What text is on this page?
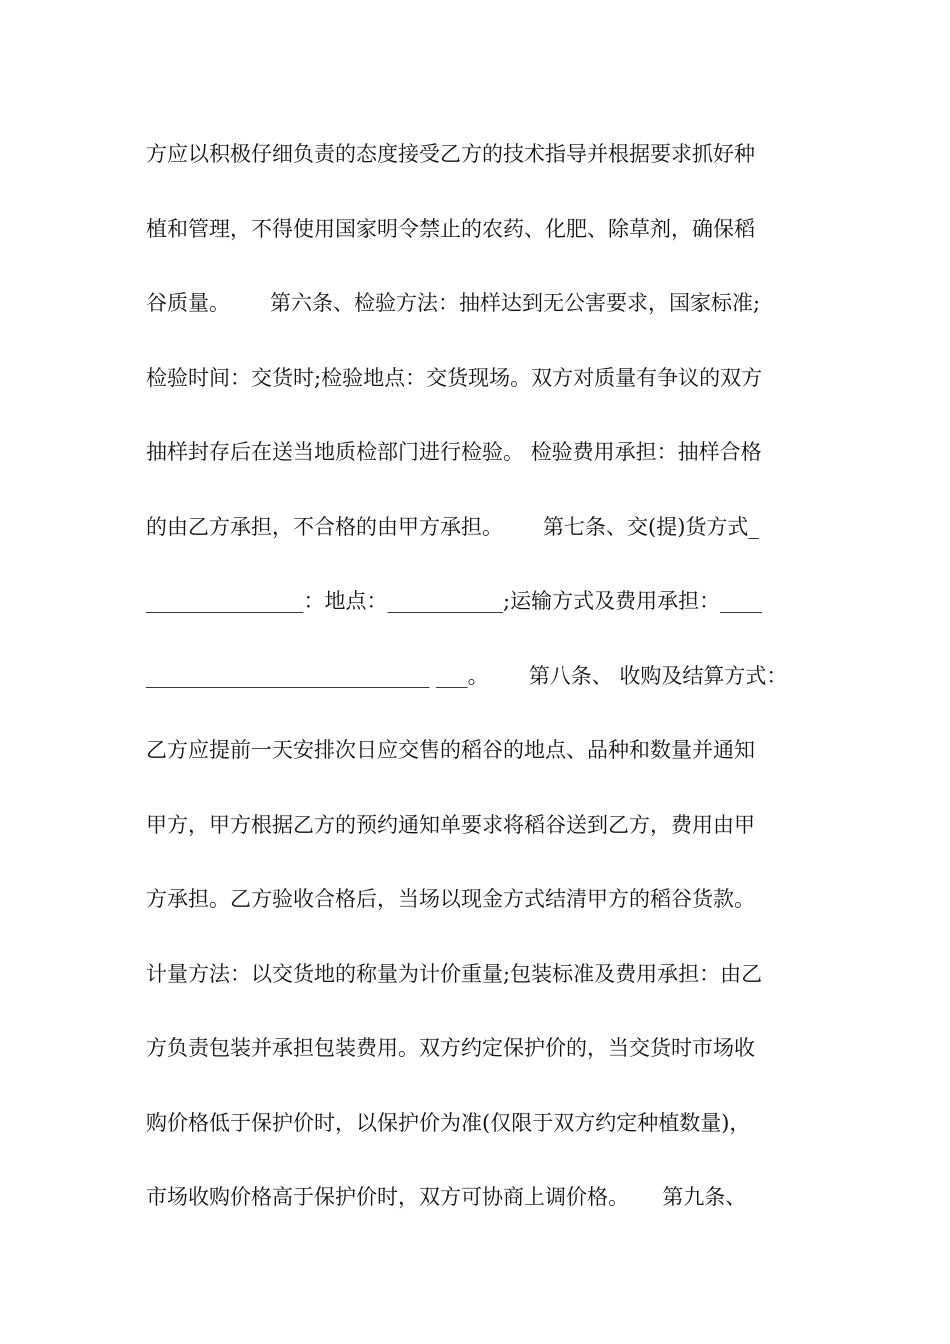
方应以积极仔细负责的态度接受乙方的技术指导并根据要求抓好种
植和管理，不得使用国家明令禁止的农药、化肥、除草剂，确保稻
谷质量。      第六条、检验方法：抽样达到无公害要求，国家标准;
检验时间：交货时;检验地点：交货现场。双方对质量有争议的双方
抽样封存后在送当地质检部门进行检验。 检验费用承担：抽样合格
的由乙方承担，不合格的由甲方承担。      第七条、交(提)货方式_
_______________：地点：___________;运输方式及费用承担：____
___________________________ ___。      第八条、 收购及结算方式：
乙方应提前一天安排次日应交售的稻谷的地点、品种和数量并通知
甲方，甲方根据乙方的预约通知单要求将稻谷送到乙方，费用由甲
方承担。乙方验收合格后，当场以现金方式结清甲方的稻谷货款。
计量方法：以交货地的称量为计价重量;包装标准及费用承担：由乙
方负责包装并承担包装费用。双方约定保护价的，当交货时市场收
购价格低于保护价时，以保护价为准(仅限于双方约定种植数量)，
市场收购价格高于保护价时，双方可协商上调价格。     第九条、
